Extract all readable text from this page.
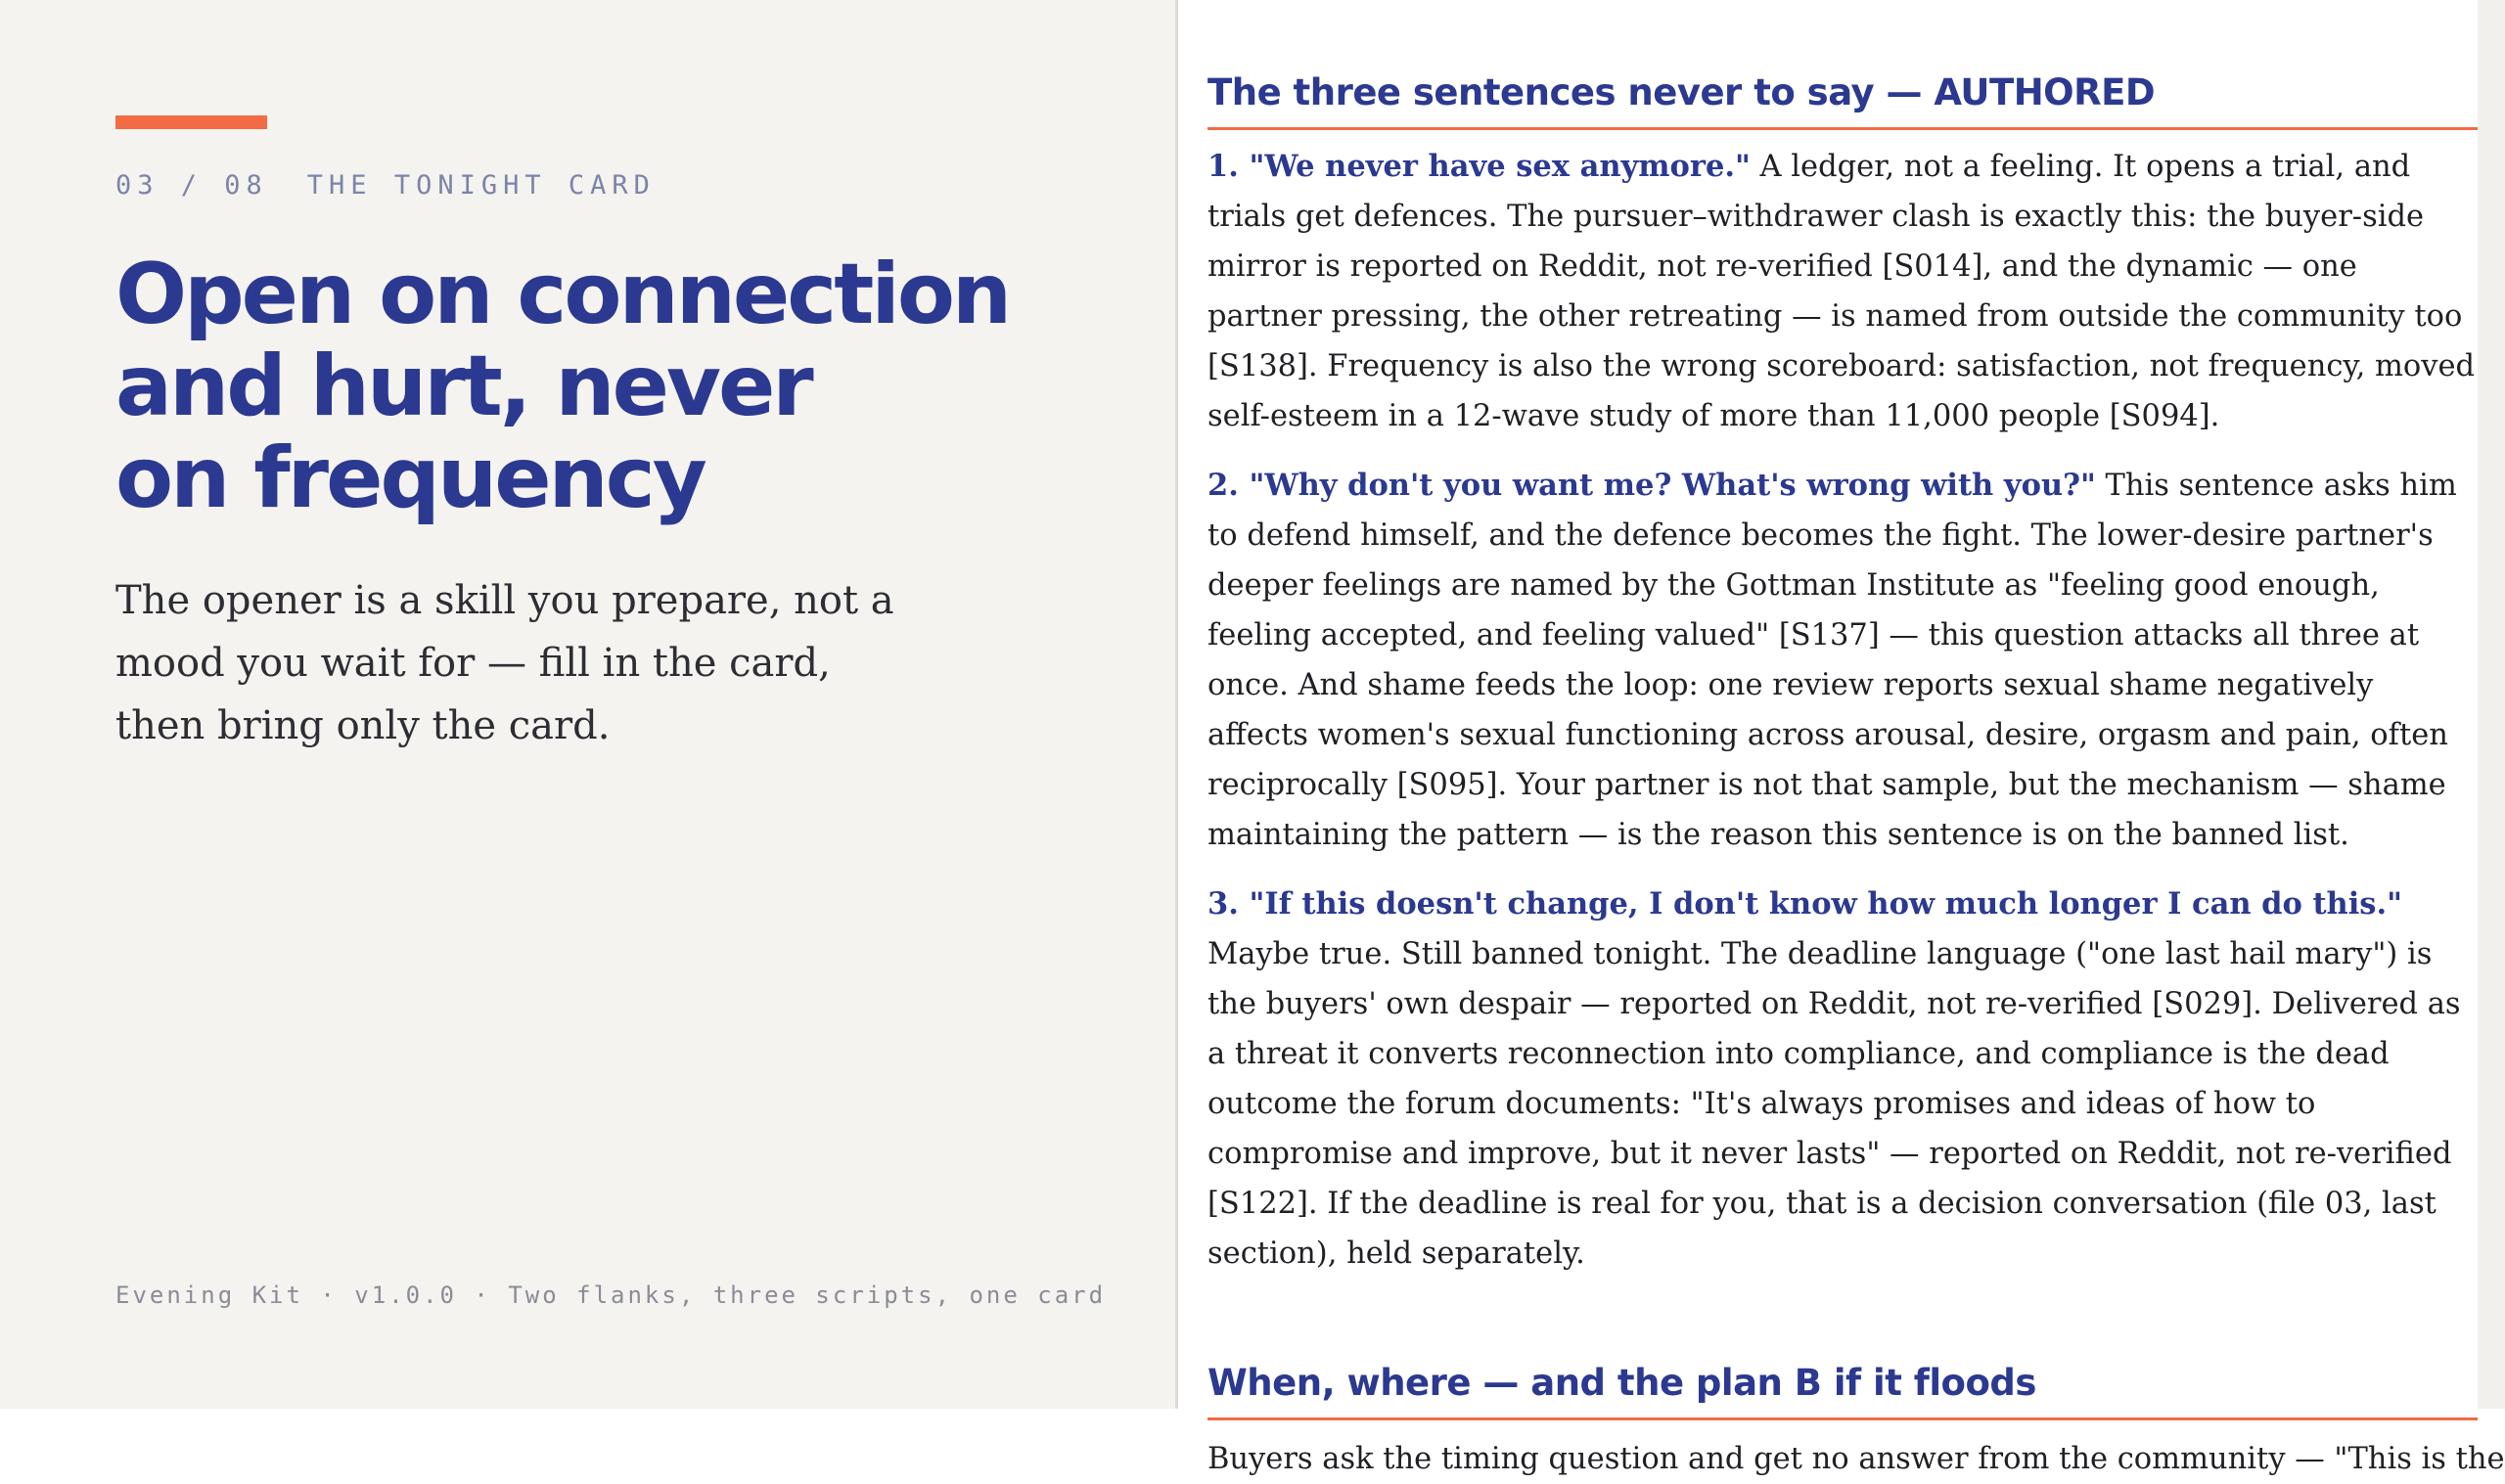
03 / 08 THE TONIGHT CARD
Open on connection
and hurt, never
on frequency

The opener is a skill you prepare, not a
mood you wait for — fill in the card,
then bring only the card.

Evening Kit · v1.0.0 · Two flanks, three scripts, one card
The three sentences never to say — AUTHORED

1. "We never have sex anymore." A ledger, not a feeling. It opens a trial, and trials get defences. The pursuer–withdrawer clash is exactly this: the buyer-side mirror is reported on Reddit, not re-verified [S014], and the dynamic — one partner pressing, the other retreating — is named from outside the community too [S138]. Frequency is also the wrong scoreboard: satisfaction, not frequency, moved self-esteem in a 12-wave study of more than 11,000 people [S094].

2. "Why don't you want me? What's wrong with you?" This sentence asks him to defend himself, and the defence becomes the fight. The lower-desire partner's deeper feelings are named by the Gottman Institute as "feeling good enough, feeling accepted, and feeling valued" [S137] — this question attacks all three at once. And shame feeds the loop: one review reports sexual shame negatively affects women's sexual functioning across arousal, desire, orgasm and pain, often reciprocally [S095]. Your partner is not that sample, but the mechanism — shame maintaining the pattern — is the reason this sentence is on the banned list.

3. "If this doesn't change, I don't know how much longer I can do this." Maybe true. Still banned tonight. The deadline language ("one last hail mary") is the buyers' own despair — reported on Reddit, not re-verified [S029]. Delivered as a threat it converts reconnection into compliance, and compliance is the dead outcome the forum documents: "It's always promises and ideas of how to compromise and improve, but it never lasts" — reported on Reddit, not re-verified [S122]. If the deadline is real for you, that is a decision conversation (file 03, last section), held separately.

When, where — and the plan B if it floods

Buyers ask the timing question and get no answer from the community — "This is the
